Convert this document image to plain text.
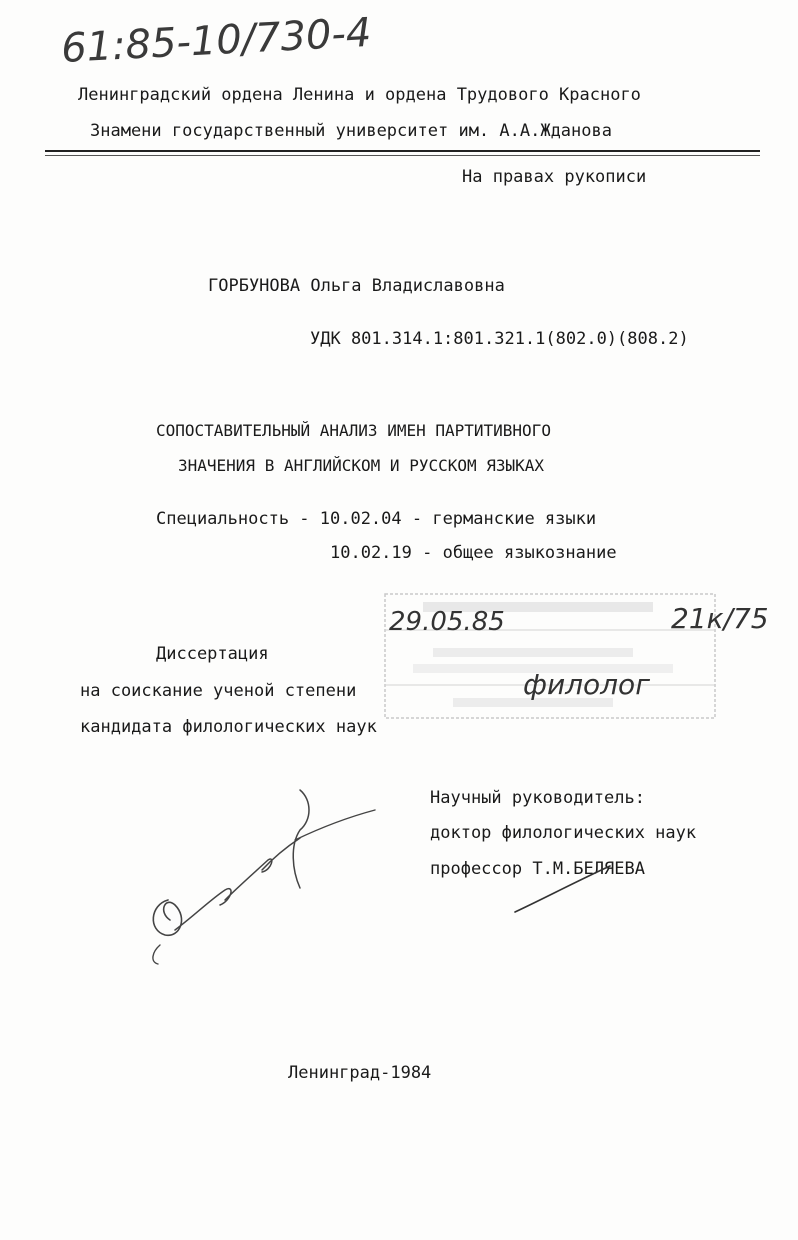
61:85-10/730-4
Ленинградский ордена Ленина и ордена Трудового Красного
Знамени государственный университет им. А.А.Жданова
На правах рукописи
ГОРБУНОВА Ольга Владиславовна
УДК 801.314.1:801.321.1(802.0)(808.2)
СОПОСТАВИТЕЛЬНЫЙ АНАЛИЗ ИМЕН ПАРТИТИВНОГО
ЗНАЧЕНИЯ В АНГЛИЙСКОМ И РУССКОМ ЯЗЫКАХ
Специальность - 10.02.04 - германские языки
10.02.19 - общее языкознание
Диссертация
на соискание ученой степени
кандидата филологических наук
29.05.85	21к/75
филолог
Научный руководитель:
доктор филологических наук
профессор Т.М.БЕЛЯЕВА
Ленинград-1984
